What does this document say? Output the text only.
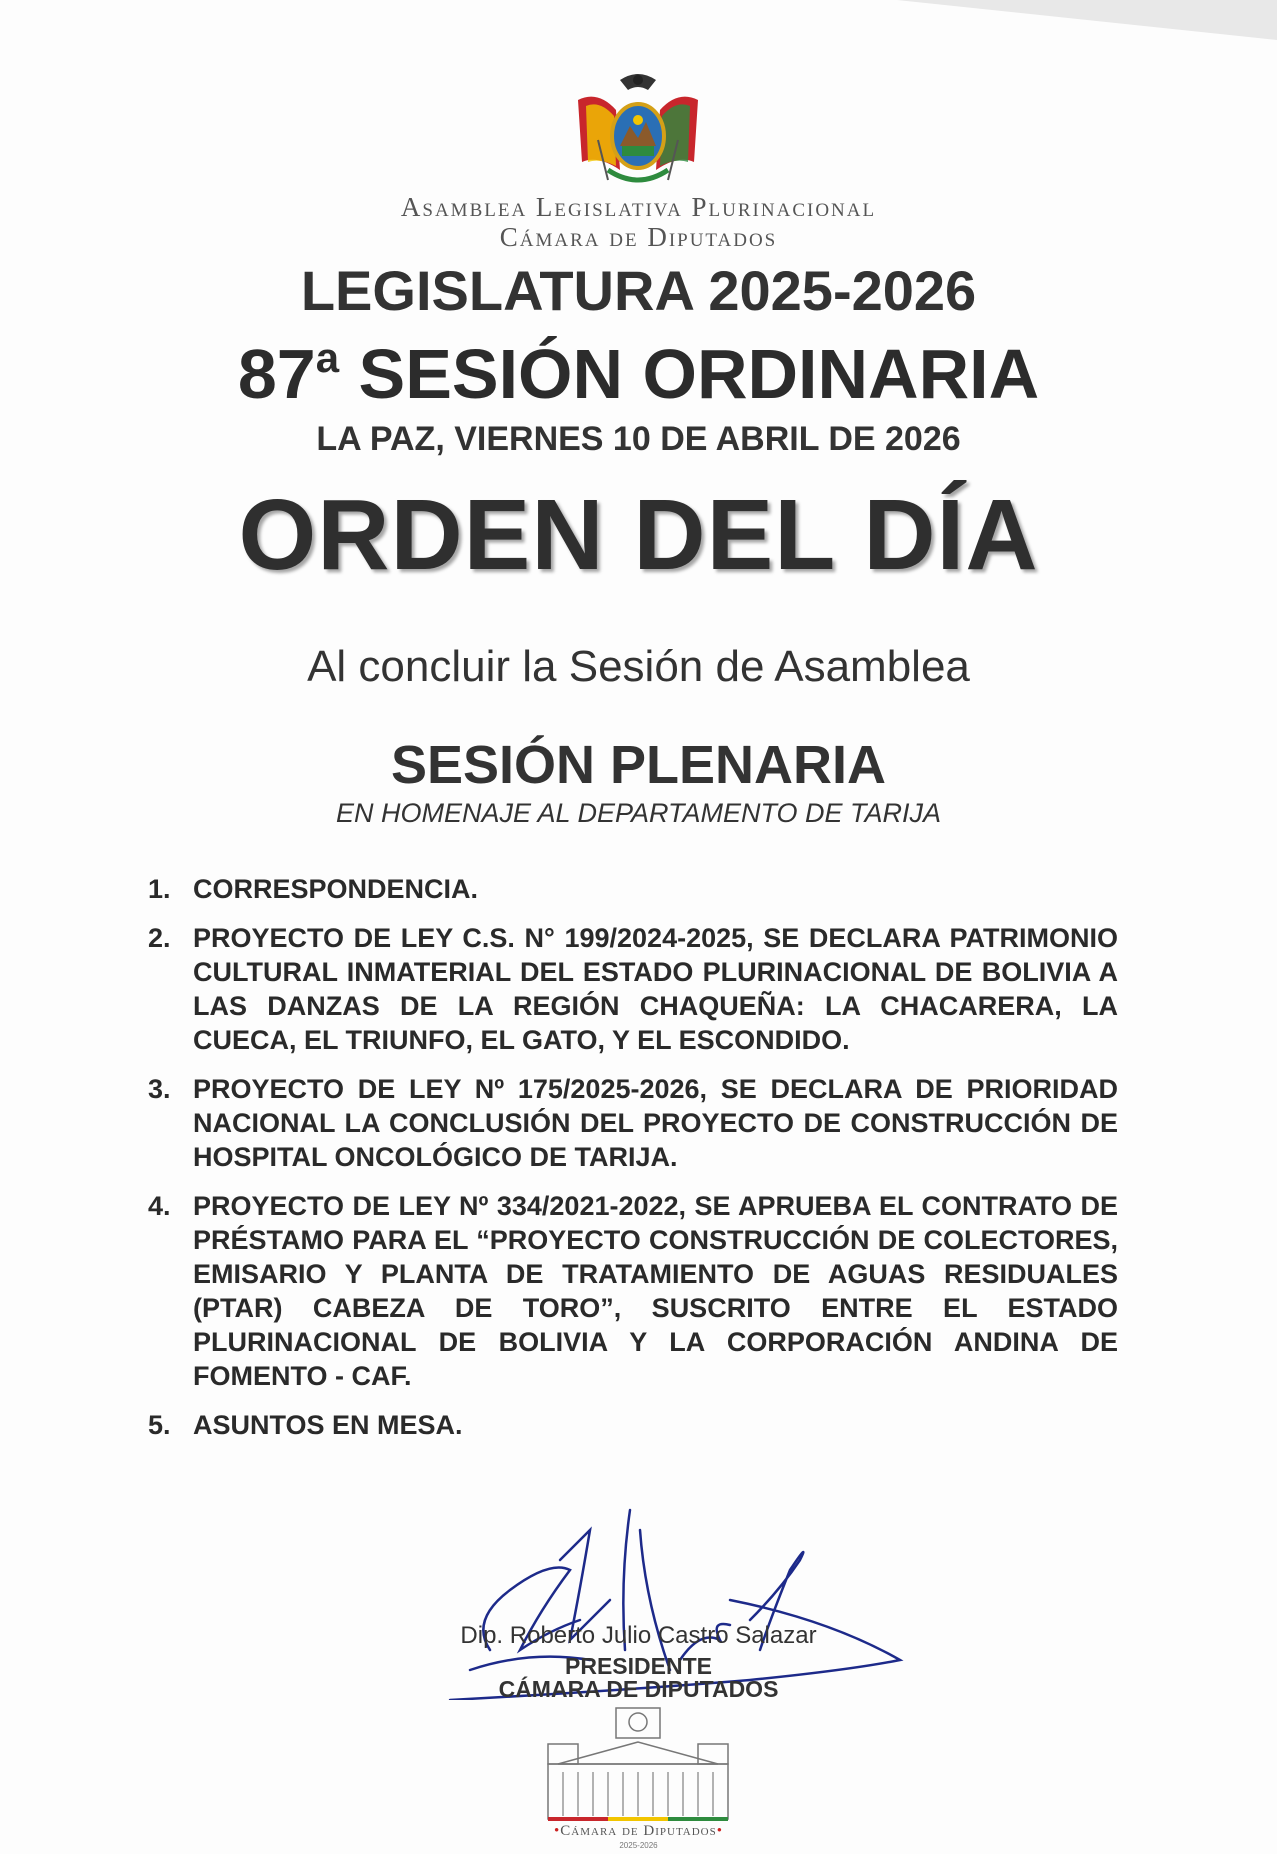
Asamblea Legislativa Plurinacional
Cámara de Diputados
LEGISLATURA 2025-2026
87$^a$ SESIÓN ORDINARIA
LA PAZ, VIERNES 10 DE ABRIL DE 2026
ORDEN DEL DÍA
Al concluir la Sesión de Asamblea
SESIÓN PLENARIA
EN HOMENAJE AL DEPARTAMENTO DE TARIJA
1. CORRESPONDENCIA.
2. PROYECTO DE LEY C.S. N° 199/2024-2025, SE DECLARA PATRIMONIO CULTURAL INMATERIAL DEL ESTADO PLURINACIONAL DE BOLIVIA A LAS DANZAS DE LA REGIÓN CHAQUEÑA: LA CHACARERA, LA CUECA, EL TRIUNFO, EL GATO, Y EL ESCONDIDO.
3. PROYECTO DE LEY Nº 175/2025-2026, SE DECLARA DE PRIORIDAD NACIONAL LA CONCLUSIÓN DEL PROYECTO DE CONSTRUCCIÓN DE HOSPITAL ONCOLÓGICO DE TARIJA.
4. PROYECTO DE LEY Nº 334/2021-2022, SE APRUEBA EL CONTRATO DE PRÉSTAMO PARA EL “PROYECTO CONSTRUCCIÓN DE COLECTORES, EMISARIO Y PLANTA DE TRATAMIENTO DE AGUAS RESIDUALES (PTAR) CABEZA DE TORO”, SUSCRITO ENTRE EL ESTADO PLURINACIONAL DE BOLIVIA Y LA CORPORACIÓN ANDINA DE FOMENTO - CAF.
5. ASUNTOS EN MESA.
Dip. Roberto Julio Castro Salazar
PRESIDENTE
CÁMARA DE DIPUTADOS
•Cámara de Diputados•
2025-2026
